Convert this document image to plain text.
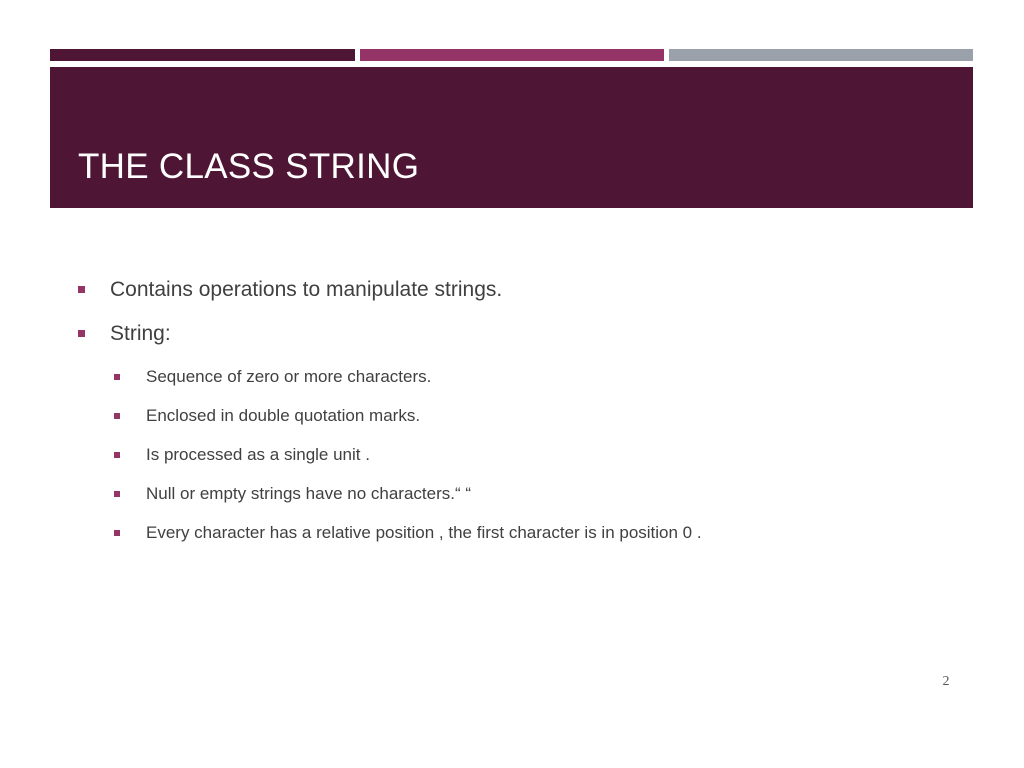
THE CLASS STRING
Contains operations to manipulate strings.
String:
Sequence of zero or more characters.
Enclosed in double quotation marks.
Is processed as a single unit .
Null or empty strings have no characters.“ “
Every character has a relative position , the first character is in position 0 .
2
